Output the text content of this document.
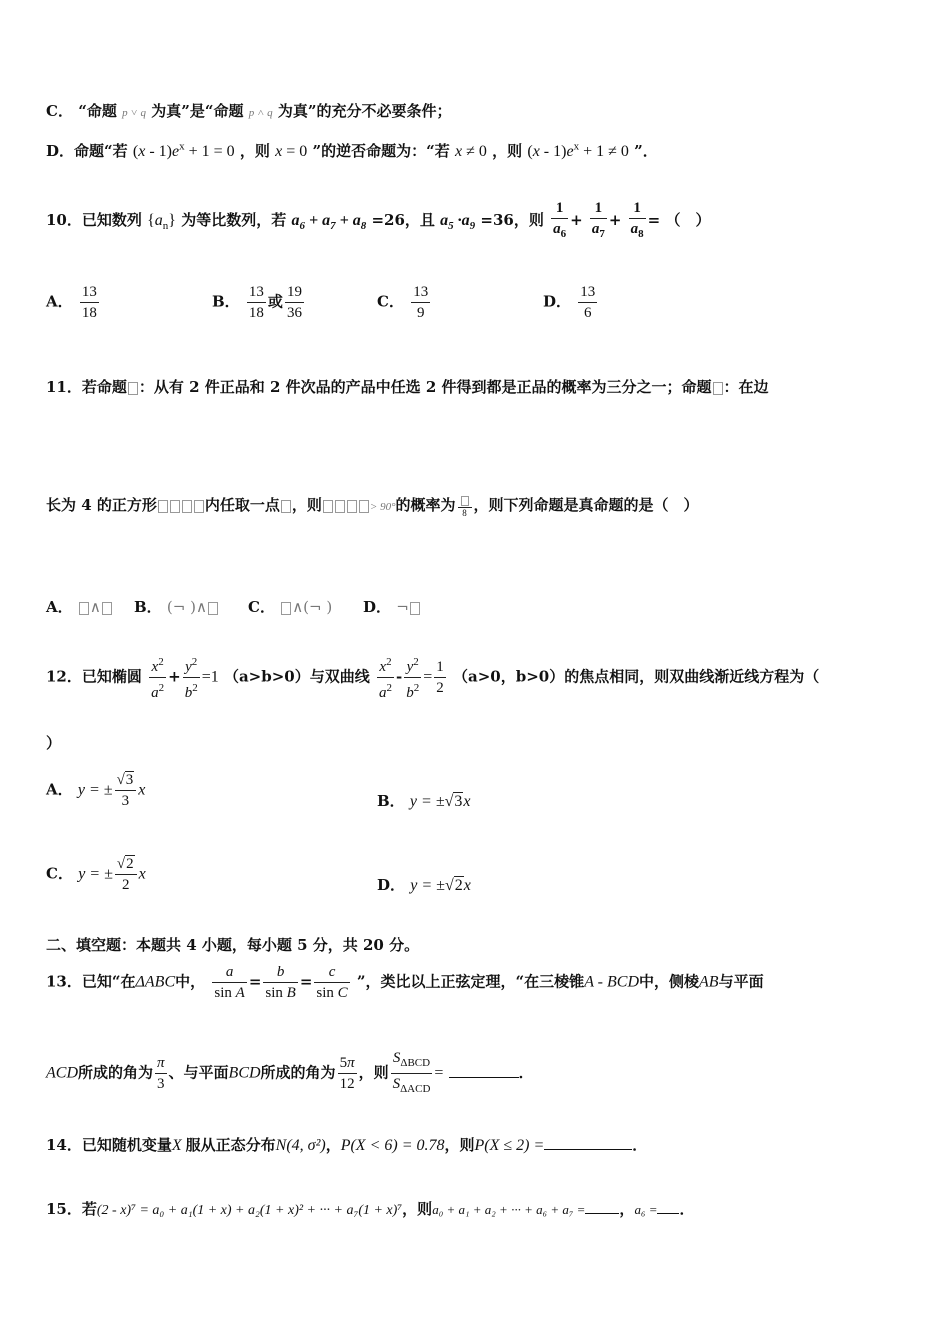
C． “命题 p ˅ q 为真”是“命题 p ˄ q 为真”的充分不必要条件；
D．命题“若 $(x - 1)e^x + 1 = 0$ ，则 x = 0 ”的逆否命题为：“若 x ≠ 0 ，则 $(x - 1)e^x + 1 \ne 0$ ”．
10．已知数列 $\{a_n\}$ 为等比数列，若 $a_6 + a_7 + a_8 =26$，且 $a_5 \cdot a_9 =36$，则 $\frac{1}{a_6} + \frac{1}{a_7} + \frac{1}{a_8}$ = （　）
A． $\frac{13}{18}$	B． $\frac{13}{18}$ 或 $\frac{19}{36}$	C． $\frac{13}{9}$	D． $\frac{13}{6}$
11．若命题 ：从有 2 件正品和 2 件次品的产品中任选 2 件得到都是正品的概率为三分之一；命题 ：在边
长为 4 的正方形	内任取一点 ，则	> 90°的概率为 8 ，则下列命题是真命题的是（　）
A． ∧	B． (¬ )∧	C． ∧(¬ ) D． ¬
12．已知椭圆 $\frac{x^2}{a^2} + \frac{y^2}{b^2} =1$ （a>b>0）与双曲线 $\frac{x^2}{a^2} - \frac{y^2}{b^2} = \frac{1}{2} (a>0$，b>0）的焦点相同，则双曲线渐近线方程为（
）
A． y = ± $\frac{√3}{3}$ x
B． y = ±√3x
C． y = ± $\frac{√2}{2}$ x
D． y = ±√2x
二、填空题：本题共 4 小题，每小题 5 分，共 20 分。
13．已知“在ΔABC中， $\frac{a}{\text{sin A}} = \frac{b}{\text{sin B}} = \frac{c}{\text{sin C}}$ ”，类比以上正弦定理，“在三棱锥A - BCD中，侧棱AB与平面
ACD所成的角为 $\frac{\pi}{3}$ 、与平面BCD所成的角为 $\frac{5\pi}{12}$ ，则 $\frac{S_{\Delta BCD}}{S_{\Delta ACD}}$ =	．
14．已知随机变量X 服从正态分布N(4, σ²)，P(X < 6) = 0.78，则P(X ≤ 2) =	．
15．若(2 - x)⁷ = a₀ + a₁(1 + x) + a₂(1 + x)² + ··· + a₇(1 + x)⁷，则a₀ + a₁ + a₂ + ··· + a₆ + a₇ = ，a₆ = ．
